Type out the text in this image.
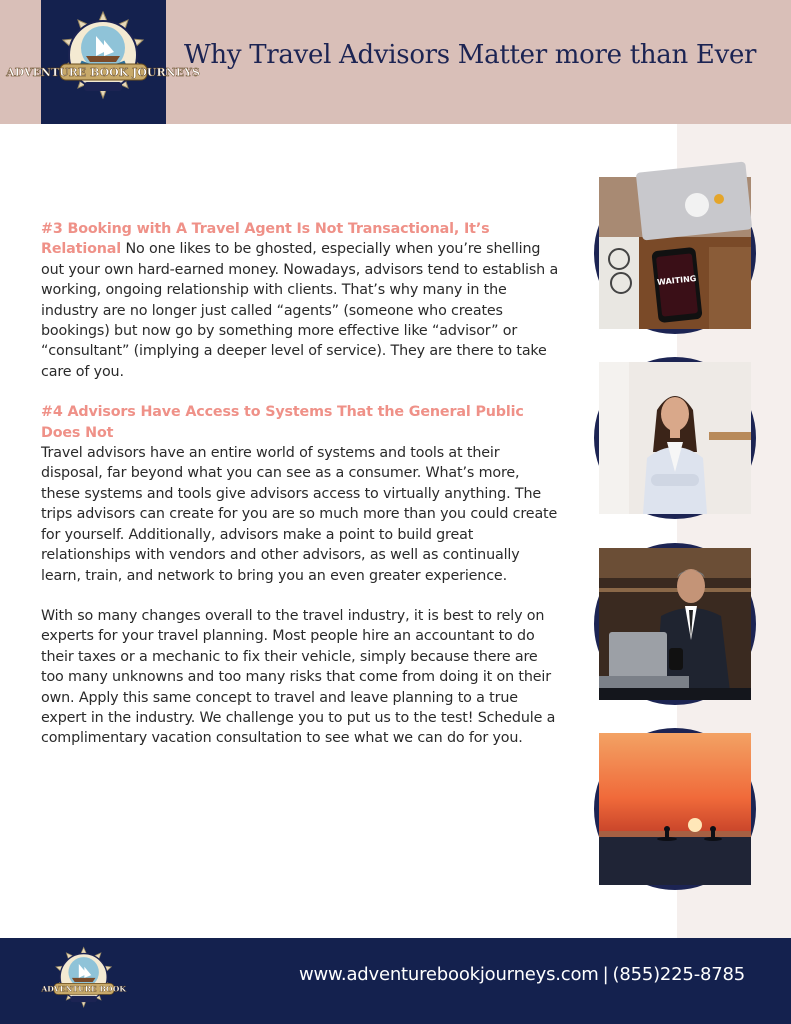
ADVENTURE BOOK JOURNEYS
Why Travel Advisors Matter more than Ever

#3 Booking with A Travel Agent Is Not Transactional, It’s Relational No one likes to be ghosted, especially when you’re shelling out your own hard-earned money. Nowadays, advisors tend to establish a working, ongoing relationship with clients. That’s why many in the industry are no longer just called “agents” (someone who creates bookings) but now go by something more effective like “advisor” or “consultant” (implying a deeper level of service). They are there to take care of you.

#4 Advisors Have Access to Systems That the General Public Does Not
Travel advisors have an entire world of systems and tools at their disposal, far beyond what you can see as a consumer. What’s more, these systems and tools give advisors access to virtually anything. The trips advisors can create for you are so much more than you could create for yourself. Additionally, advisors make a point to build great relationships with vendors and other advisors, as well as continually learn, train, and network to bring you an even greater experience.

With so many changes overall to the travel industry, it is best to rely on experts for your travel planning. Most people hire an accountant to do their taxes or a mechanic to fix their vehicle, simply because there are too many unknowns and too many risks that come from doing it on their own. Apply this same concept to travel and leave planning to a true expert in the industry. We challenge you to put us to the test! Schedule a complimentary vacation consultation to see what we can do for you.

WAITING
ADVENTURE BOOK
www.adventurebookjourneys.com | (855)225-8785
